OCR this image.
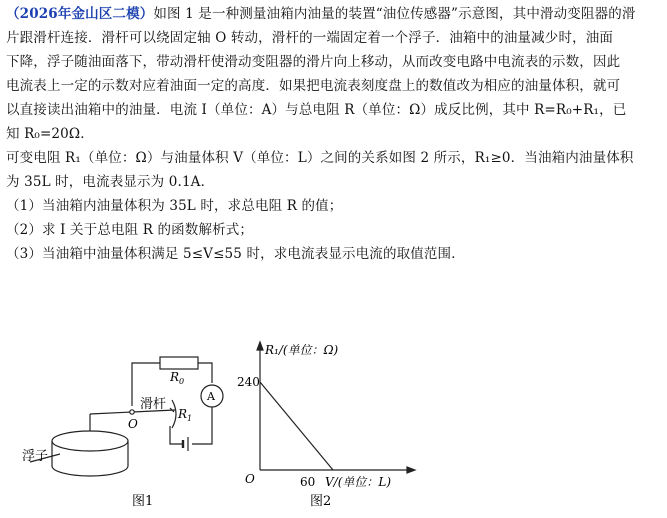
（2026年金山区二模）如图 1 是一种测量油箱内油量的装置“油位传感器”示意图，其中滑动变阻器的滑
片跟滑杆连接．滑杆可以绕固定轴 O 转动，滑杆的一端固定着一个浮子．油箱中的油量减少时，油面
下降，浮子随油面落下，带动滑杆使滑动变阻器的滑片向上移动，从而改变电路中电流表的示数，因此
电流表上一定的示数对应着油面一定的高度．如果把电流表刻度盘上的数值改为相应的油量体积，就可
以直接读出油箱中的油量．电流 I（单位：A）与总电阻 R（单位：Ω）成反比例，其中 R=R₀+R₁，已
知 R₀=20Ω．
可变电阻 R₁（单位：Ω）与油量体积 V（单位：L）之间的关系如图 2 所示，R₁≥0．当油箱内油量体积
为 35L 时，电流表显示为 0.1A．
（1）当油箱内油量体积为 35L 时，求总电阻 R 的值；
（2）求 I 关于总电阻 R 的函数解析式；
（3）当油箱中油量体积满足 5≤V≤55 时，求电流表显示电流的取值范围．
$R_0$
A
滑杆
O
$R_1$
浮子
图1
R₁/(单位：Ω)
240
O	60 V/(单位：L)
图2
